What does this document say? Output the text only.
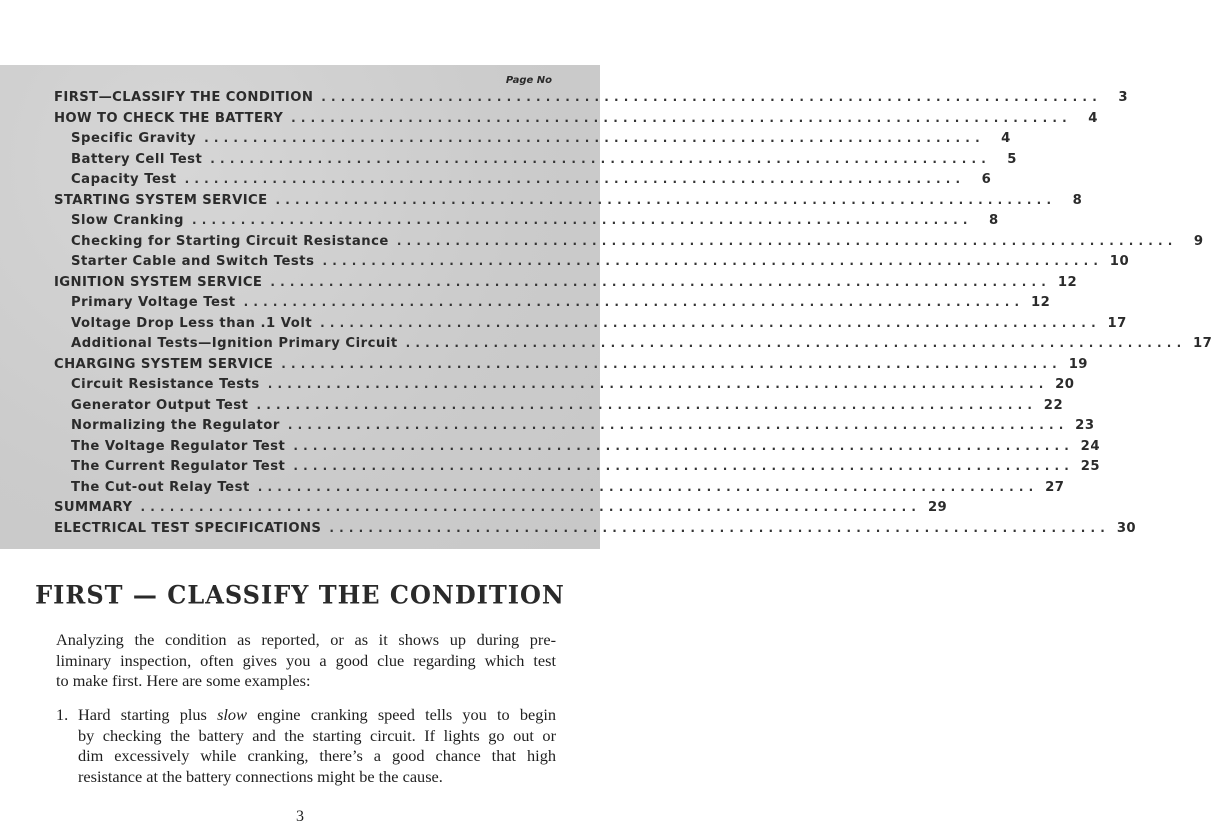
Page No
FIRST—CLASSIFY THE CONDITION ................................................................................	3
HOW TO CHECK THE BATTERY ................................................................................	4
Specific Gravity ................................................................................	4
Battery Cell Test ................................................................................	5
Capacity Test ................................................................................	6
STARTING SYSTEM SERVICE ................................................................................	8
Slow Cranking ................................................................................	8
Checking for Starting Circuit Resistance ................................................................................	9
Starter Cable and Switch Tests ................................................................................ 10
IGNITION SYSTEM SERVICE ................................................................................ 12
Primary Voltage Test ................................................................................ 12
Voltage Drop Less than .1 Volt ................................................................................ 17
Additional Tests—Ignition Primary Circuit ................................................................................ 17
CHARGING SYSTEM SERVICE ................................................................................ 19
Circuit Resistance Tests ................................................................................ 20
Generator Output Test ................................................................................ 22
Normalizing the Regulator ................................................................................ 23
The Voltage Regulator Test ................................................................................ 24
The Current Regulator Test ................................................................................ 25
The Cut-out Relay Test ................................................................................ 27
SUMMARY ................................................................................ 29
ELECTRICAL TEST SPECIFICATIONS ................................................................................ 30
FIRST — CLASSIFY THE CONDITION
Analyzing the condition as reported, or as it shows up during pre-
liminary inspection, often gives you a good clue regarding which test
to make first. Here are some examples:
1. Hard starting plus slow engine cranking speed tells you to begin
by checking the battery and the starting circuit. If lights go out or
dim excessively while cranking, there’s a good chance that high
resistance at the battery connections might be the cause.
3
